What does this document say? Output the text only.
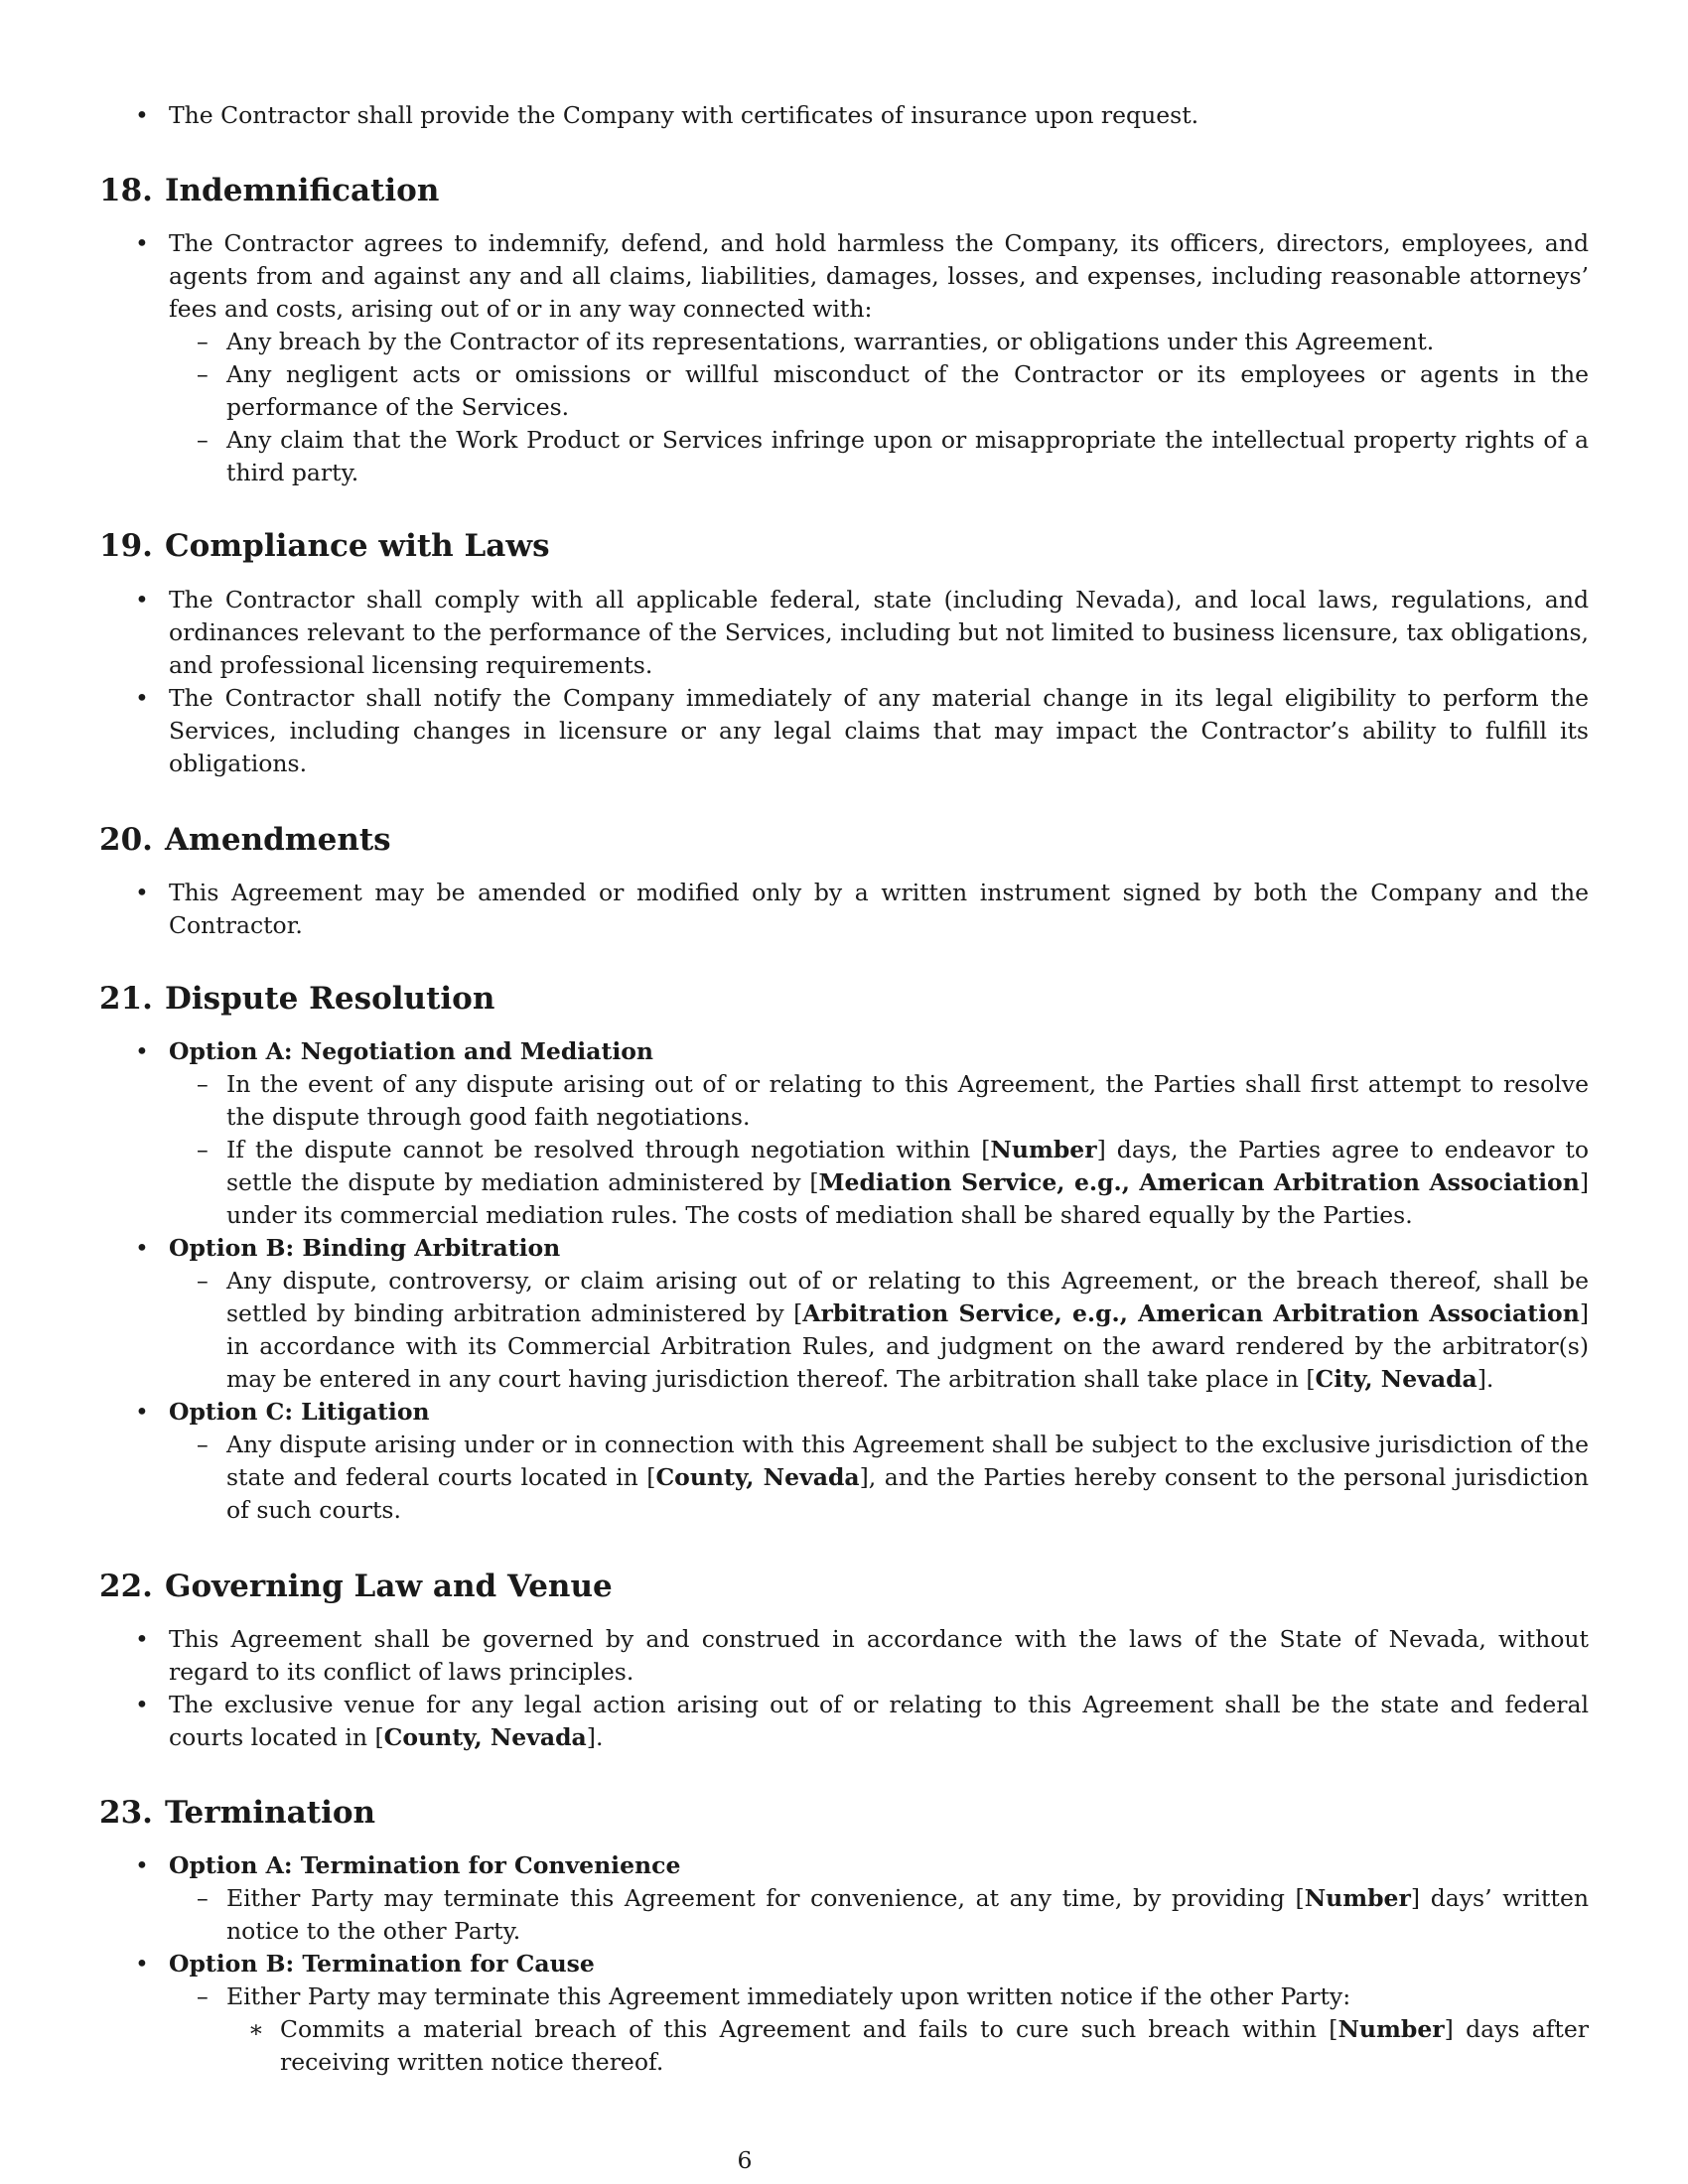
• The Contractor shall provide the Company with certificates of insurance upon request.
18. Indemnification
• The Contractor agrees to indemnify, defend, and hold harmless the Company, its officers, directors, employees, and agents from and against any and all claims, liabilities, damages, losses, and expenses, including reasonable attorneys’ fees and costs, arising out of or in any way connected with:
– Any breach by the Contractor of its representations, warranties, or obligations under this Agreement.
– Any negligent acts or omissions or willful misconduct of the Contractor or its employees or agents in the performance of the Services.
– Any claim that the Work Product or Services infringe upon or misappropriate the intellectual property rights of a third party.
19. Compliance with Laws
• The Contractor shall comply with all applicable federal, state (including Nevada), and local laws, regulations, and ordinances relevant to the performance of the Services, including but not limited to business licensure, tax obligations, and professional licensing requirements.
• The Contractor shall notify the Company immediately of any material change in its legal eligibility to perform the Services, including changes in licensure or any legal claims that may impact the Contractor’s ability to fulfill its obligations.
20. Amendments
• This Agreement may be amended or modified only by a written instrument signed by both the Company and the Contractor.
21. Dispute Resolution
• Option A: Negotiation and Mediation
– In the event of any dispute arising out of or relating to this Agreement, the Parties shall first attempt to resolve the dispute through good faith negotiations.
– If the dispute cannot be resolved through negotiation within [Number] days, the Parties agree to endeavor to settle the dispute by mediation administered by [Mediation Service, e.g., American Arbitration Association] under its commercial mediation rules. The costs of mediation shall be shared equally by the Parties.
• Option B: Binding Arbitration
– Any dispute, controversy, or claim arising out of or relating to this Agreement, or the breach thereof, shall be settled by binding arbitration administered by [Arbitration Service, e.g., American Arbitration Association] in accordance with its Commercial Arbitration Rules, and judgment on the award rendered by the arbitrator(s) may be entered in any court having jurisdiction thereof. The arbitration shall take place in [City, Nevada].
• Option C: Litigation
– Any dispute arising under or in connection with this Agreement shall be subject to the exclusive jurisdiction of the state and federal courts located in [County, Nevada], and the Parties hereby consent to the personal jurisdiction of such courts.
22. Governing Law and Venue
• This Agreement shall be governed by and construed in accordance with the laws of the State of Nevada, without regard to its conflict of laws principles.
• The exclusive venue for any legal action arising out of or relating to this Agreement shall be the state and federal courts located in [County, Nevada].
23. Termination
• Option A: Termination for Convenience
– Either Party may terminate this Agreement for convenience, at any time, by providing [Number] days’ written notice to the other Party.
• Option B: Termination for Cause
– Either Party may terminate this Agreement immediately upon written notice if the other Party:
∗ Commits a material breach of this Agreement and fails to cure such breach within [Number] days after receiving written notice thereof.
6
